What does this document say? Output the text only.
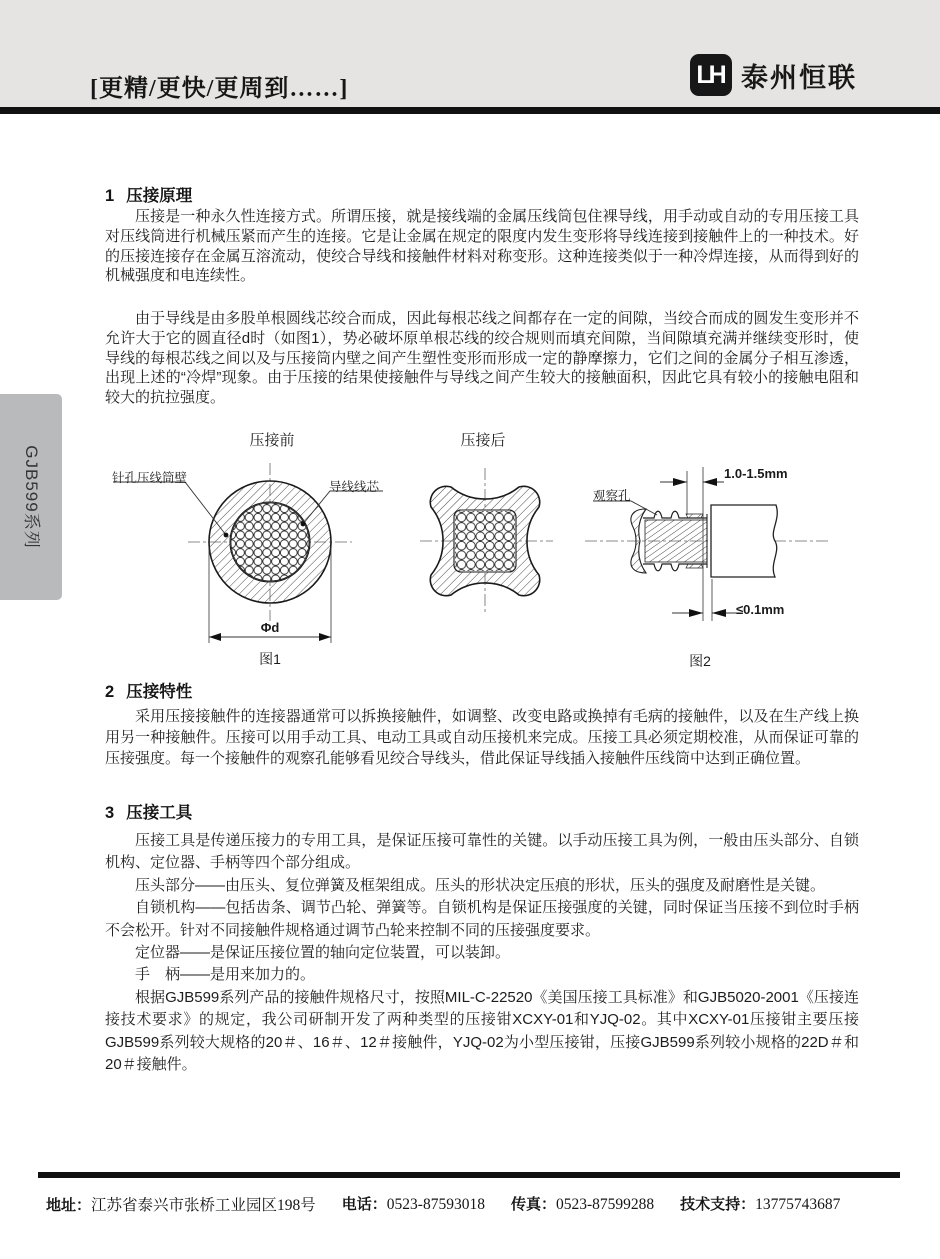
[更精/更快/更周到……]
LH 泰州恒联
GJB599系列
1 压接原理

压接是一种永久性连接方式。所谓压接，就是接线端的金属压线筒包住裸导线，用手动或自动的专用压接工具对压线筒进行机械压紧而产生的连接。它是让金属在规定的限度内发生变形将导线连接到接触件上的一种技术。好的压接连接存在金属互溶流动，使绞合导线和接触件材料对称变形。这种连接类似于一种冷焊连接，从而得到好的机械强度和电连续性。

由于导线是由多股单根圆线芯绞合而成，因此每根芯线之间都存在一定的间隙，当绞合而成的圆发生变形并不允许大于它的圆直径d时（如图1），势必破坏原单根芯线的绞合规则而填充间隙，当间隙填充满并继续变形时，使导线的每根芯线之间以及与压接筒内壁之间产生塑性变形而形成一定的静摩擦力，它们之间的金属分子相互渗透，出现上述的“冷焊”现象。由于压接的结果使接触件与导线之间产生较大的接触面积，因此它具有较小的接触电阻和较大的抗拉强度。

压接前	压接后
针孔压线筒壁
导线线芯
Φd
图1
观察孔
1.0-1.5mm
≤0.1mm
图2
2 压接特性

采用压接接触件的连接器通常可以拆换接触件，如调整、改变电路或换掉有毛病的接触件，以及在生产线上换用另一种接触件。压接可以用手动工具、电动工具或自动压接机来完成。压接工具必须定期校准，从而保证可靠的压接强度。每一个接触件的观察孔能够看见绞合导线头，借此保证导线插入接触件压线筒中达到正确位置。

3 压接工具

压接工具是传递压接力的专用工具，是保证压接可靠性的关键。以手动压接工具为例，一般由压头部分、自锁机构、定位器、手柄等四个部分组成。

压头部分——由压头、复位弹簧及框架组成。压头的形状决定压痕的形状，压头的强度及耐磨性是关键。

自锁机构——包括齿条、调节凸轮、弹簧等。自锁机构是保证压接强度的关键，同时保证当压接不到位时手柄不会松开。针对不同接触件规格通过调节凸轮来控制不同的压接强度要求。

定位器——是保证压接位置的轴向定位装置，可以装卸。

手　柄——是用来加力的。

根据GJB599系列产品的接触件规格尺寸，按照MIL-C-22520《美国压接工具标准》和GJB5020-2001《压接连接技术要求》的规定，我公司研制开发了两种类型的压接钳XCXY-01和YJQ-02。其中XCXY-01压接钳主要压接GJB599系列较大规格的20＃、16＃、12＃接触件，YJQ-02为小型压接钳，压接GJB599系列较小规格的22D＃和20＃接触件。

地址：江苏省泰兴市张桥工业园区198号 电话：0523-87593018 传真：0523-87599288 技术支持：13775743687
